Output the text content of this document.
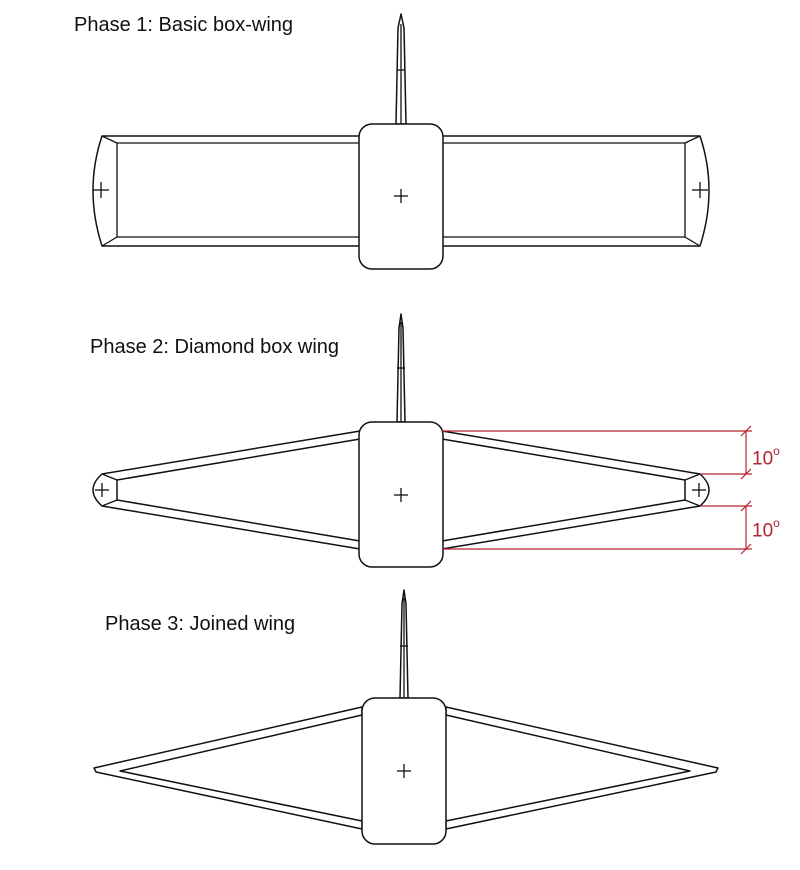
Phase 1: Basic box-wing

Phase 2: Diamond box wing

Phase 3: Joined wing

10$^o$

10$^o$
